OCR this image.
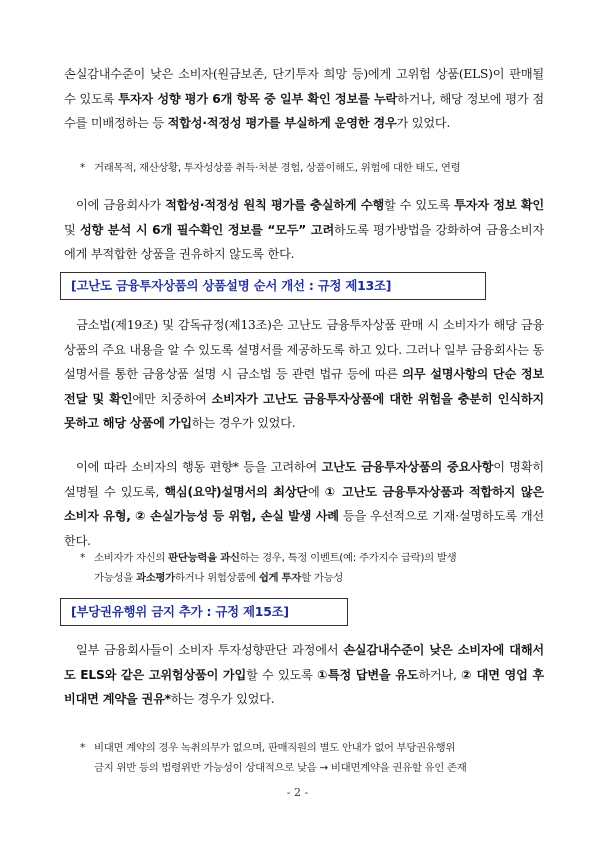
손실감내수준이 낮은 소비자(원금보존, 단기투자 희망 등)에게 고위험 상품(ELS)이 판매될 수 있도록 투자자 성향 평가 6개 항목 중 일부 확인 정보를 누락하거나, 해당 정보에 평가 점수를 미배정하는 등 적합성·적정성 평가를 부실하게 운영한 경우가 있었다.
* 거래목적, 재산상황, 투자성상품 취득·처분 경험, 상품이해도, 위험에 대한 태도, 연령
이에 금융회사가 적합성·적정성 원칙 평가를 충실하게 수행할 수 있도록 투자자 정보 확인 및 성향 분석 시 6개 필수확인 정보를 “모두” 고려하도록 평가방법을 강화하여 금융소비자에게 부적합한 상품을 권유하지 않도록 한다.
[고난도 금융투자상품의 상품설명 순서 개선 : 규정 제13조]
금소법(제19조) 및 감독규정(제13조)은 고난도 금융투자상품 판매 시 소비자가 해당 금융상품의 주요 내용을 알 수 있도록 설명서를 제공하도록 하고 있다. 그러나 일부 금융회사는 동 설명서를 통한 금융상품 설명 시 금소법 등 관련 법규 등에 따른 의무 설명사항의 단순 정보전달 및 확인에만 치중하여 소비자가 고난도 금융투자상품에 대한 위험을 충분히 인식하지 못하고 해당 상품에 가입하는 경우가 있었다.
이에 따라 소비자의 행동 편향* 등을 고려하여 고난도 금융투자상품의 중요사항이 명확히 설명될 수 있도록, 핵심(요약)설명서의 최상단에 ① 고난도 금융투자상품과 적합하지 않은 소비자 유형, ② 손실가능성 등 위험, 손실 발생 사례 등을 우선적으로 기재·설명하도록 개선한다.
* 소비자가 자신의 판단능력을 과신하는 경우, 특정 이벤트(예: 주가지수 급락)의 발생
가능성을 과소평가하거나 위험상품에 쉽게 투자할 가능성
[부당권유행위 금지 추가 : 규정 제15조]
일부 금융회사들이 소비자 투자성향판단 과정에서 손실감내수준이 낮은 소비자에 대해서도 ELS와 같은 고위험상품이 가입할 수 있도록 ①특정 답변을 유도하거나, ② 대면 영업 후 비대면 계약을 권유*하는 경우가 있었다.
* 비대면 계약의 경우 녹취의무가 없으며, 판매직원의 별도 안내가 없어 부당권유행위
금지 위반 등의 법령위반 가능성이 상대적으로 낮음 → 비대면계약을 권유할 유인 존재
- 2 -
